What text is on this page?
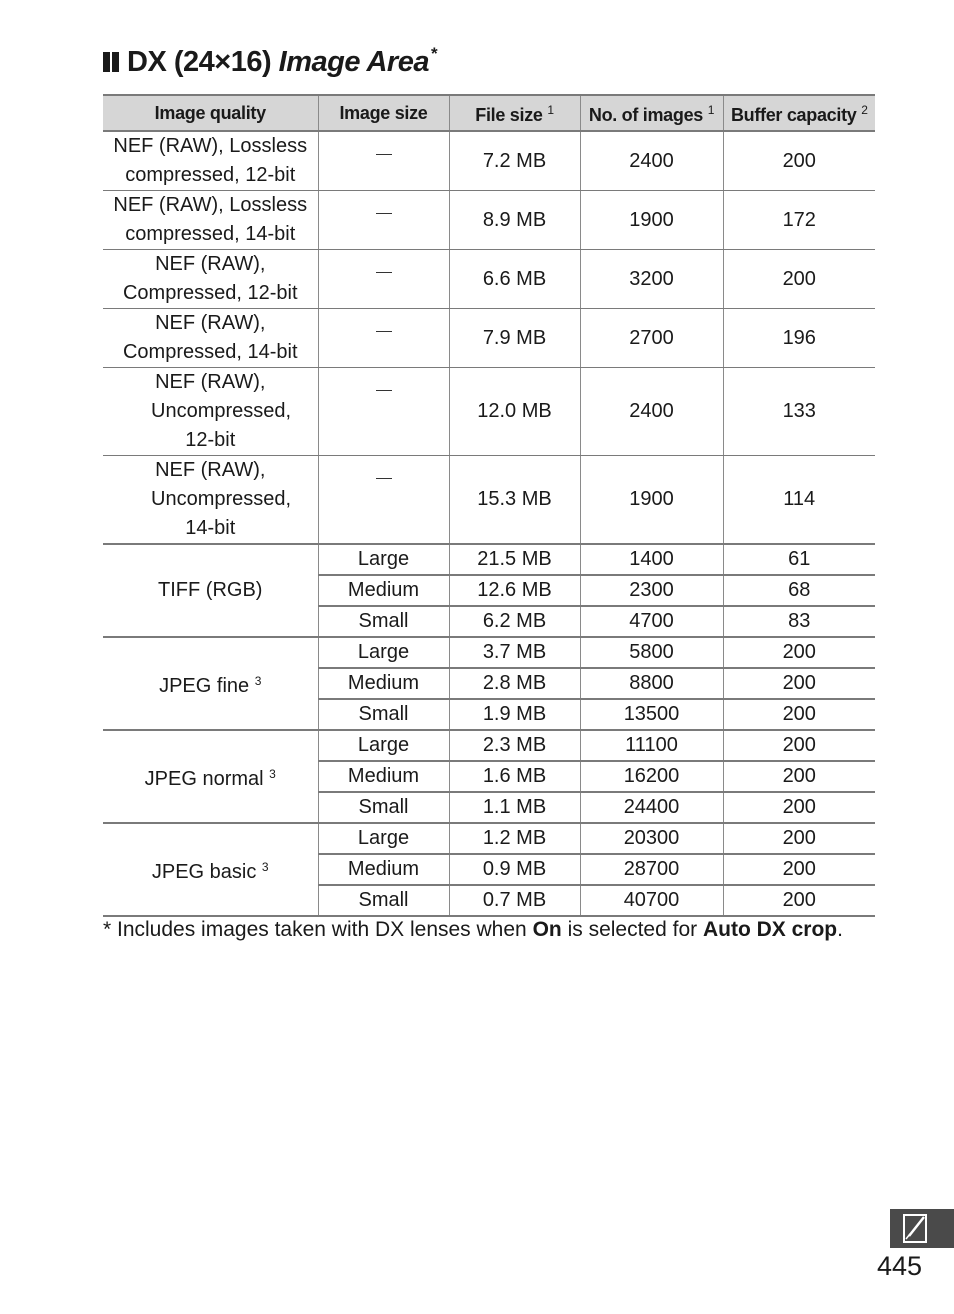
DX (24×16) Image Area *
Image quality	Image size	File size $^1$	No. of images $^1$	Buffer capacity $^2$
NEF (RAW), Lossless compressed, 12-bit		7.2 MB	2400	200
NEF (RAW), Lossless compressed, 14-bit		8.9 MB	1900	172
NEF (RAW), Compressed, 12-bit		6.6 MB	3200	200
NEF (RAW), Compressed, 14-bit		7.9 MB	2700	196
NEF (RAW), Uncompressed, 12-bit		12.0 MB	2400	133
NEF (RAW), Uncompressed, 14-bit		15.3 MB	1900	114
TIFF (RGB)	Large	21.5 MB	1400	61
	Medium	12.6 MB	2300	68
	Small	6.2 MB	4700	83
JPEG fine $^3$	Large	3.7 MB	5800	200
	Medium	2.8 MB	8800	200
	Small	1.9 MB	13500	200
JPEG normal $^3$	Large	2.3 MB	11100	200
	Medium	1.6 MB	16200	200
	Small	1.1 MB	24400	200
JPEG basic $^3$	Large	1.2 MB	20300	200
	Medium	0.9 MB	28700	200
	Small	0.7 MB	40700	200
* Includes images taken with DX lenses when On is selected for Auto DX crop.
445
